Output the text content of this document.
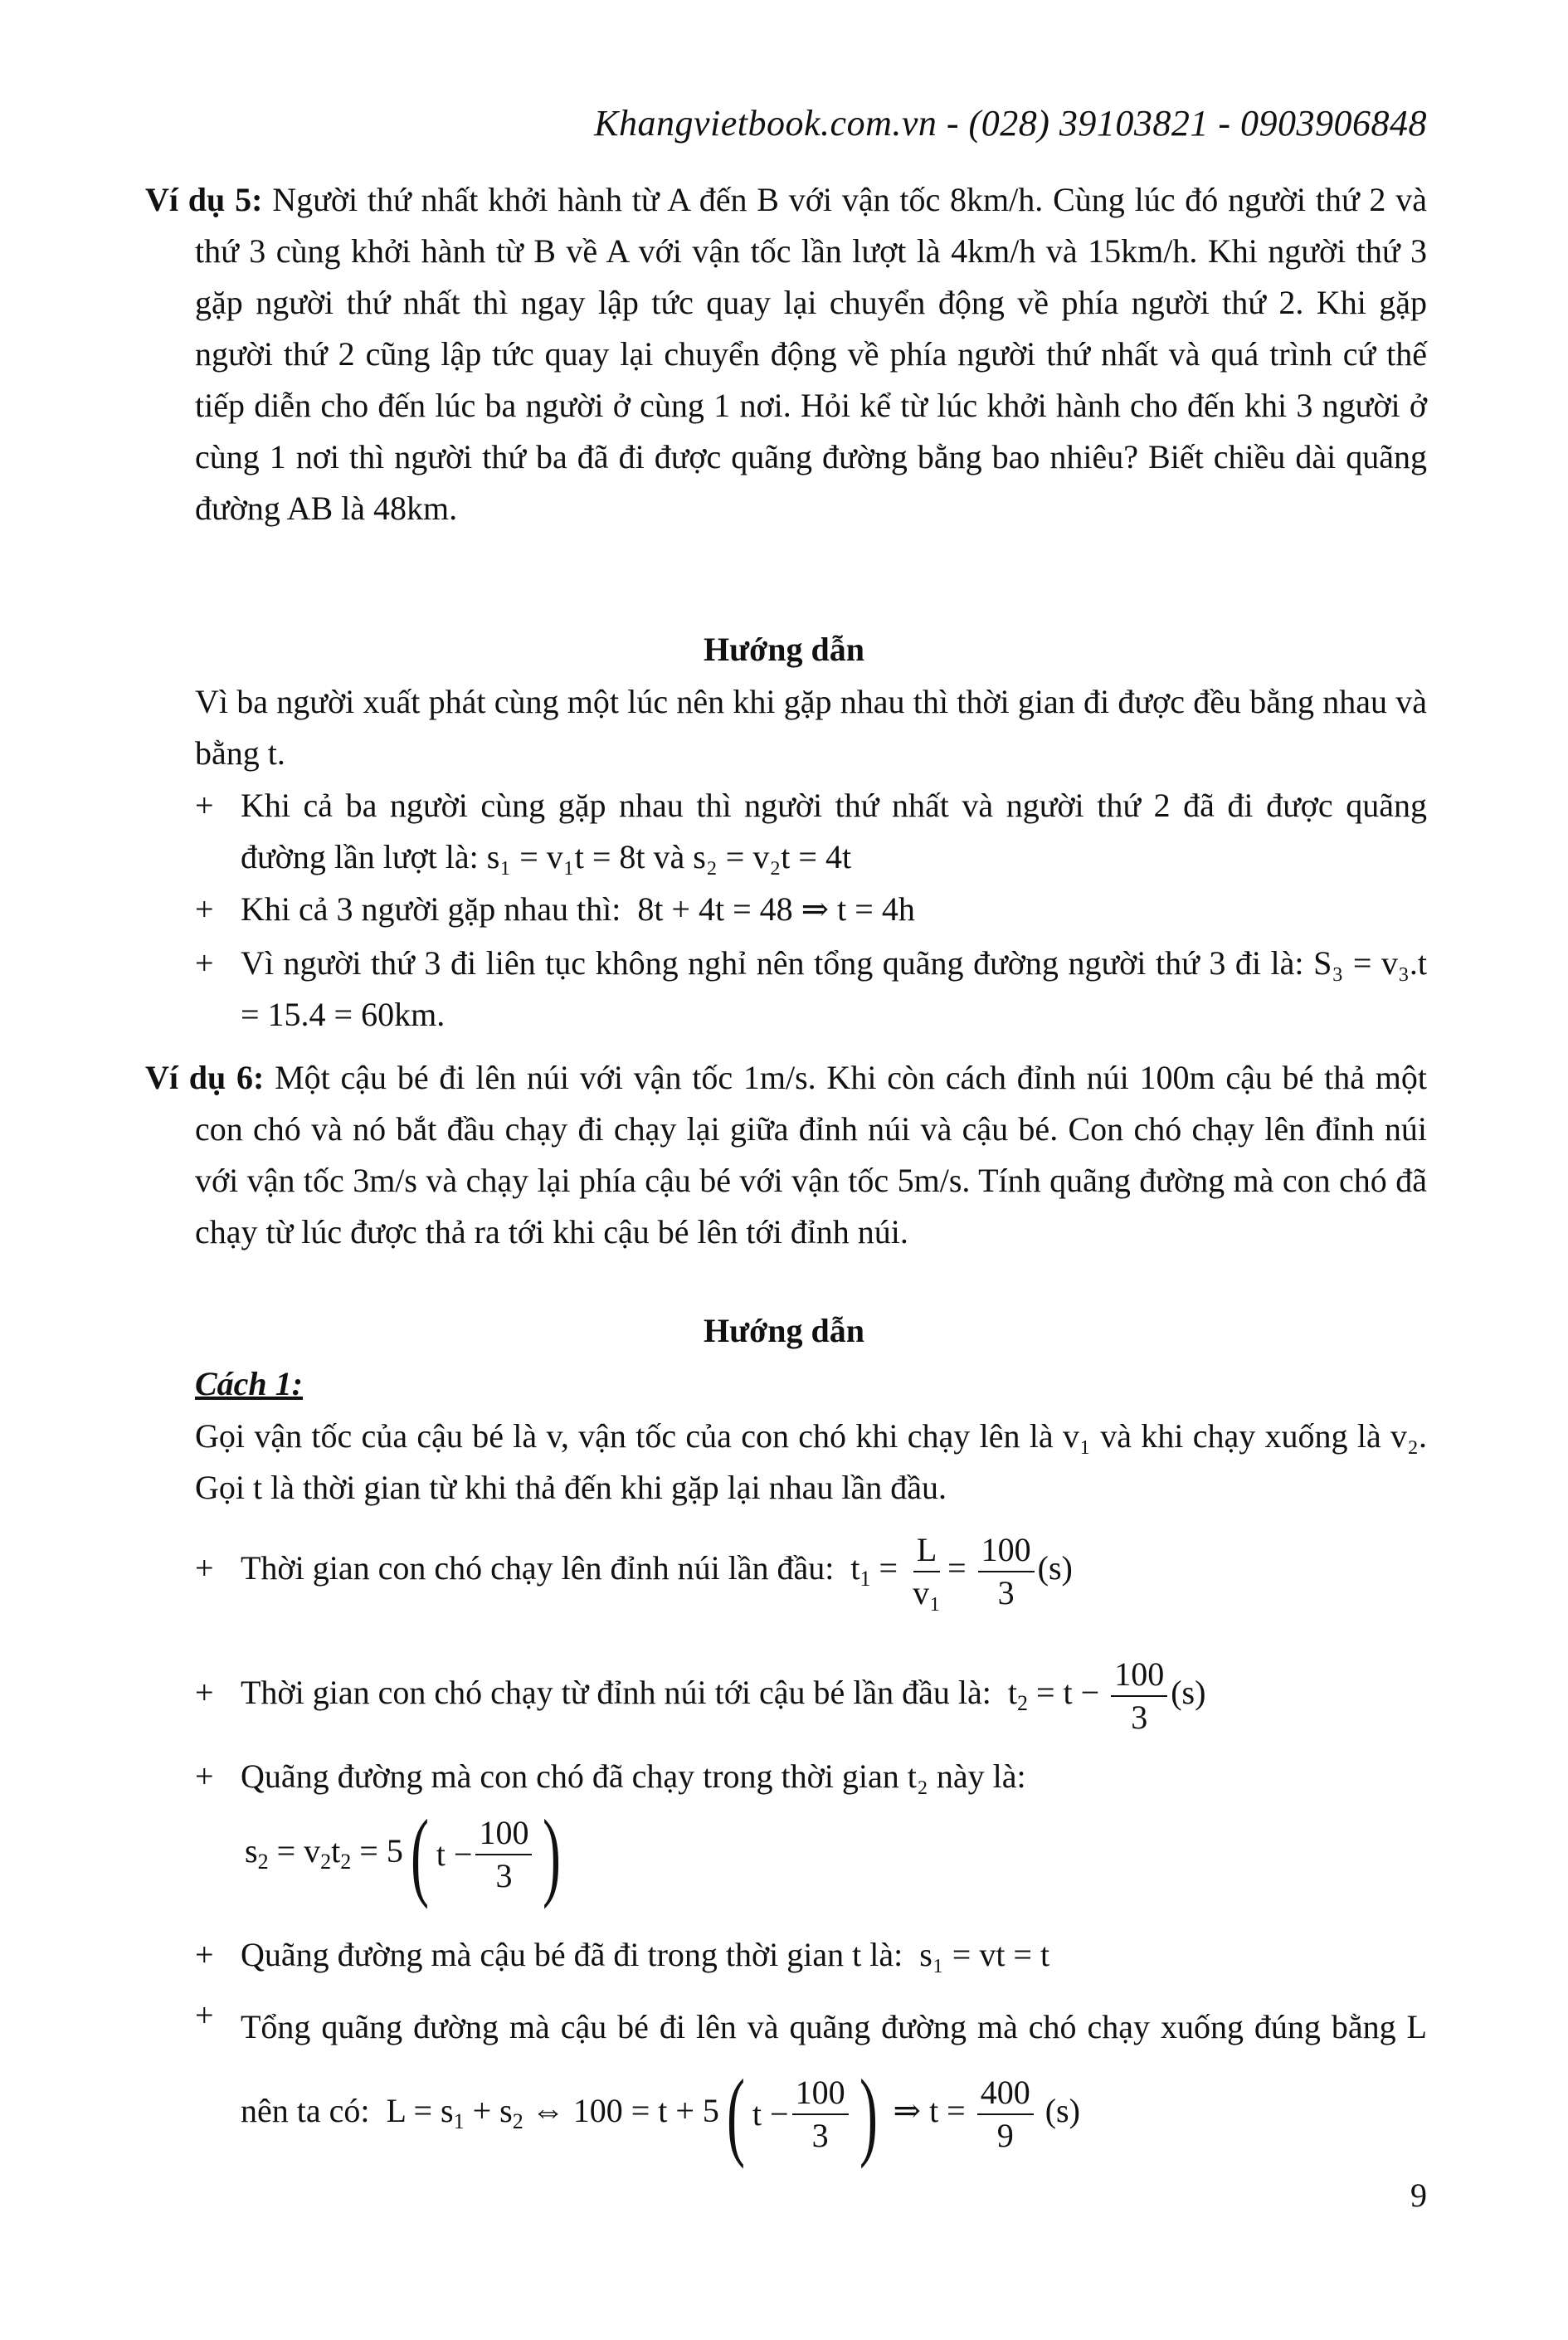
Khangvietbook.com.vn - (028) 39103821 - 0903906848
Ví dụ 5: Người thứ nhất khởi hành từ A đến B với vận tốc 8km/h. Cùng lúc đó người thứ 2 và thứ 3 cùng khởi hành từ B về A với vận tốc lần lượt là 4km/h và 15km/h. Khi người thứ 3 gặp người thứ nhất thì ngay lập tức quay lại chuyển động về phía người thứ 2. Khi gặp người thứ 2 cũng lập tức quay lại chuyển động về phía người thứ nhất và quá trình cứ thế tiếp diễn cho đến lúc ba người ở cùng 1 nơi. Hỏi kể từ lúc khởi hành cho đến khi 3 người ở cùng 1 nơi thì người thứ ba đã đi được quãng đường bằng bao nhiêu? Biết chiều dài quãng đường AB là 48km.
Hướng dẫn
Vì ba người xuất phát cùng một lúc nên khi gặp nhau thì thời gian đi được đều bằng nhau và bằng t.
+ Khi cả ba người cùng gặp nhau thì người thứ nhất và người thứ 2 đã đi được quãng đường lần lượt là: s₁ = v₁t = 8t và s₂ = v₂t = 4t
+ Khi cả 3 người gặp nhau thì: 8t + 4t = 48 ⇒ t = 4h
+ Vì người thứ 3 đi liên tục không nghỉ nên tổng quãng đường người thứ 3 đi là: S₃ = v₃.t = 15.4 = 60km.
Ví dụ 6: Một cậu bé đi lên núi với vận tốc 1m/s. Khi còn cách đỉnh núi 100m cậu bé thả một con chó và nó bắt đầu chạy đi chạy lại giữa đỉnh núi và cậu bé. Con chó chạy lên đỉnh núi với vận tốc 3m/s và chạy lại phía cậu bé với vận tốc 5m/s. Tính quãng đường mà con chó đã chạy từ lúc được thả ra tới khi cậu bé lên tới đỉnh núi.
Hướng dẫn
Cách 1:
Gọi vận tốc của cậu bé là v, vận tốc của con chó khi chạy lên là v₁ và khi chạy xuống là v₂. Gọi t là thời gian từ khi thả đến khi gặp lại nhau lần đầu.
+ Thời gian con chó chạy lên đỉnh núi lần đầu:  $t_1 = \frac{L}{\text{v₁}} = \frac{100}{3} (s)$
+ Thời gian con chó chạy từ đỉnh núi tới cậu bé lần đầu là:  $t_2 = t - \frac{100}{3} (s)$
+ Quãng đường mà con chó đã chạy trong thời gian t₂ này là:
$s_2 = v_2t_2 = 5$ ( $t - \frac{100}{3}$ )
+ Quãng đường mà cậu bé đã đi trong thời gian t là: s₁ = vt = t
+ Tổng quãng đường mà cậu bé đi lên và quãng đường mà chó chạy xuống đúng bằng L nên ta có:  $L = s_1 + s_2$ ⇔ 100 = t + 5 ( $t - \frac{100}{3}$ ) ⇒ $t = \frac{400}{9} (s)$
9
